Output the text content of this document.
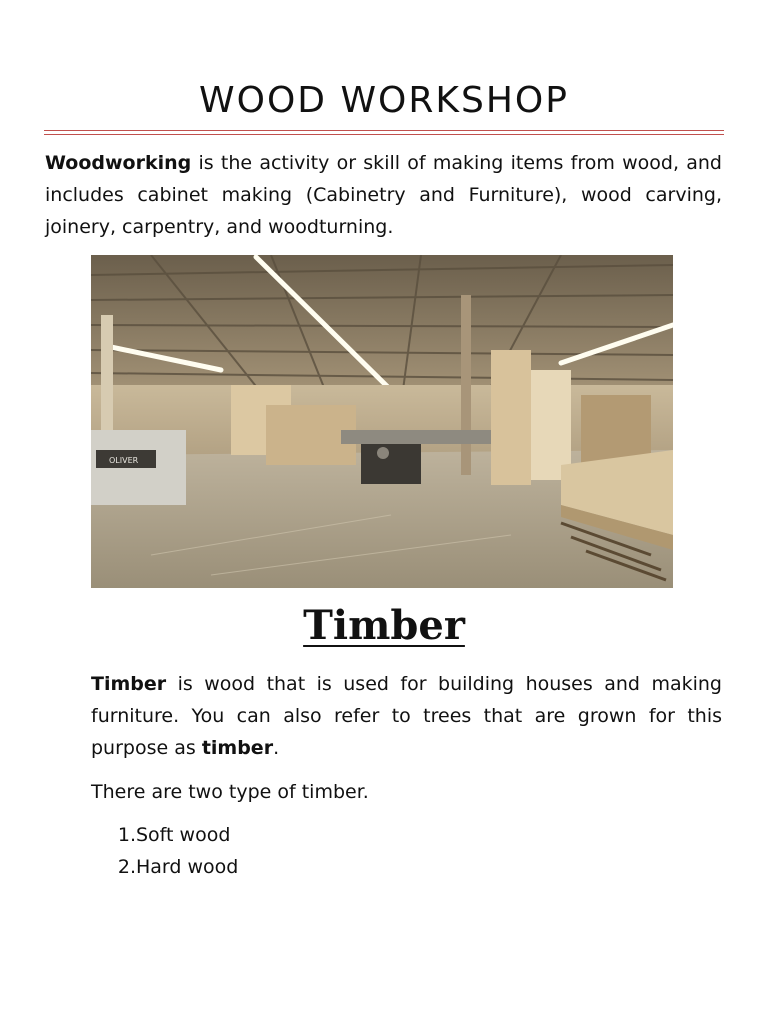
WOOD WORKSHOP

Woodworking is the activity or skill of making items from wood, and includes cabinet making (Cabinetry and Furniture), wood carving, joinery, carpentry, and woodturning.

OLIVER
Timber

Timber is wood that is used for building houses and making furniture. You can also refer to trees that are grown for this purpose as timber.

There are two type of timber.

1. Soft wood
2. Hard wood
